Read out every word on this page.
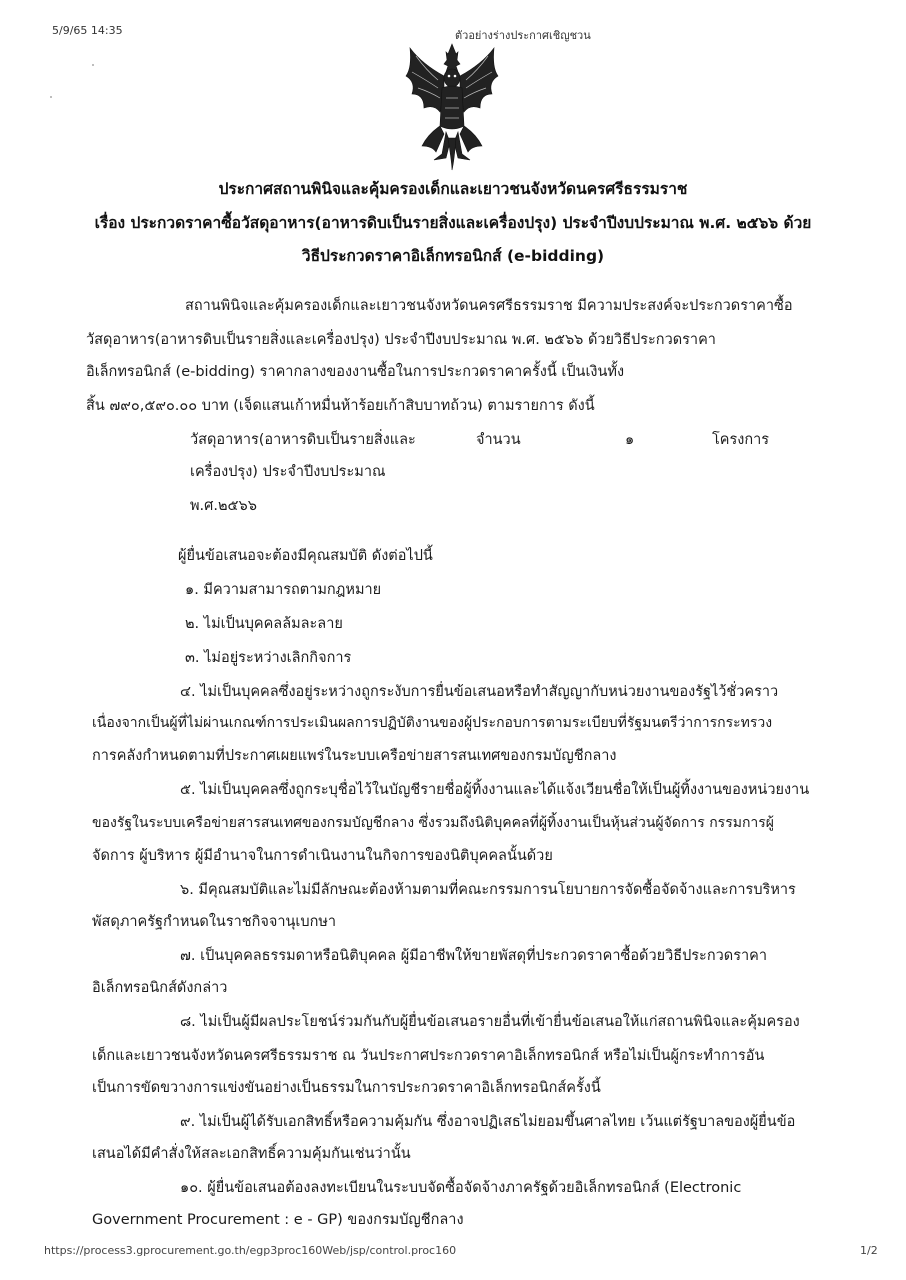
5/9/65 14:35	ตัวอย่างร่างประกาศเชิญชวน
ประกาศสถานพินิจและคุ้มครองเด็กและเยาวชนจังหวัดนครศรีธรรมราช
เรื่อง ประกวดราคาซื้อวัสดุอาหาร(อาหารดิบเป็นรายสิ่งและเครื่องปรุง) ประจำปีงบประมาณ พ.ศ. ๒๕๖๖ ด้วย
วิธีประกวดราคาอิเล็กทรอนิกส์ (e-bidding)
สถานพินิจและคุ้มครองเด็กและเยาวชนจังหวัดนครศรีธรรมราช มีความประสงค์จะประกวดราคาซื้อ
วัสดุอาหาร(อาหารดิบเป็นรายสิ่งและเครื่องปรุง) ประจำปีงบประมาณ พ.ศ. ๒๕๖๖ ด้วยวิธีประกวดราคา
อิเล็กทรอนิกส์ (e-bidding) ราคากลางของงานซื้อในการประกวดราคาครั้งนี้ เป็นเงินทั้ง
สิ้น ๗๙๐,๕๙๐.๐๐ บาท (เจ็ดแสนเก้าหมื่นห้าร้อยเก้าสิบบาทถ้วน) ตามรายการ ดังนี้
วัสดุอาหาร(อาหารดิบเป็นรายสิ่งและ	จำนวน	๑	โครงการ
เครื่องปรุง) ประจำปีงบประมาณ
พ.ศ.๒๕๖๖
ผู้ยื่นข้อเสนอจะต้องมีคุณสมบัติ ดังต่อไปนี้
๑. มีความสามารถตามกฎหมาย
๒. ไม่เป็นบุคคลล้มละลาย
๓. ไม่อยู่ระหว่างเลิกกิจการ
๔. ไม่เป็นบุคคลซึ่งอยู่ระหว่างถูกระงับการยื่นข้อเสนอหรือทำสัญญากับหน่วยงานของรัฐไว้ชั่วคราว
เนื่องจากเป็นผู้ที่ไม่ผ่านเกณฑ์การประเมินผลการปฏิบัติงานของผู้ประกอบการตามระเบียบที่รัฐมนตรีว่าการกระทรวง
การคลังกำหนดตามที่ประกาศเผยแพร่ในระบบเครือข่ายสารสนเทศของกรมบัญชีกลาง
๕. ไม่เป็นบุคคลซึ่งถูกระบุชื่อไว้ในบัญชีรายชื่อผู้ทิ้งงานและได้แจ้งเวียนชื่อให้เป็นผู้ทิ้งงานของหน่วยงาน
ของรัฐในระบบเครือข่ายสารสนเทศของกรมบัญชีกลาง ซึ่งรวมถึงนิติบุคคลที่ผู้ทิ้งงานเป็นหุ้นส่วนผู้จัดการ กรรมการผู้
จัดการ ผู้บริหาร ผู้มีอำนาจในการดำเนินงานในกิจการของนิติบุคคลนั้นด้วย
๖. มีคุณสมบัติและไม่มีลักษณะต้องห้ามตามที่คณะกรรมการนโยบายการจัดซื้อจัดจ้างและการบริหาร
พัสดุภาครัฐกำหนดในราชกิจจานุเบกษา
๗. เป็นบุคคลธรรมดาหรือนิติบุคคล ผู้มีอาชีพให้ขายพัสดุที่ประกวดราคาซื้อด้วยวิธีประกวดราคา
อิเล็กทรอนิกส์ดังกล่าว
๘. ไม่เป็นผู้มีผลประโยชน์ร่วมกันกับผู้ยื่นข้อเสนอรายอื่นที่เข้ายื่นข้อเสนอให้แก่สถานพินิจและคุ้มครอง
เด็กและเยาวชนจังหวัดนครศรีธรรมราช ณ วันประกาศประกวดราคาอิเล็กทรอนิกส์ หรือไม่เป็นผู้กระทำการอัน
เป็นการขัดขวางการแข่งขันอย่างเป็นธรรมในการประกวดราคาอิเล็กทรอนิกส์ครั้งนี้
๙. ไม่เป็นผู้ได้รับเอกสิทธิ์หรือความคุ้มกัน ซึ่งอาจปฏิเสธไม่ยอมขึ้นศาลไทย เว้นแต่รัฐบาลของผู้ยื่นข้อ
เสนอได้มีคำสั่งให้สละเอกสิทธิ์ความคุ้มกันเช่นว่านั้น
๑๐. ผู้ยื่นข้อเสนอต้องลงทะเบียนในระบบจัดซื้อจัดจ้างภาครัฐด้วยอิเล็กทรอนิกส์ (Electronic
Government Procurement : e - GP) ของกรมบัญชีกลาง
https://process3.gprocurement.go.th/egp3proc160Web/jsp/control.proc160	1/2
